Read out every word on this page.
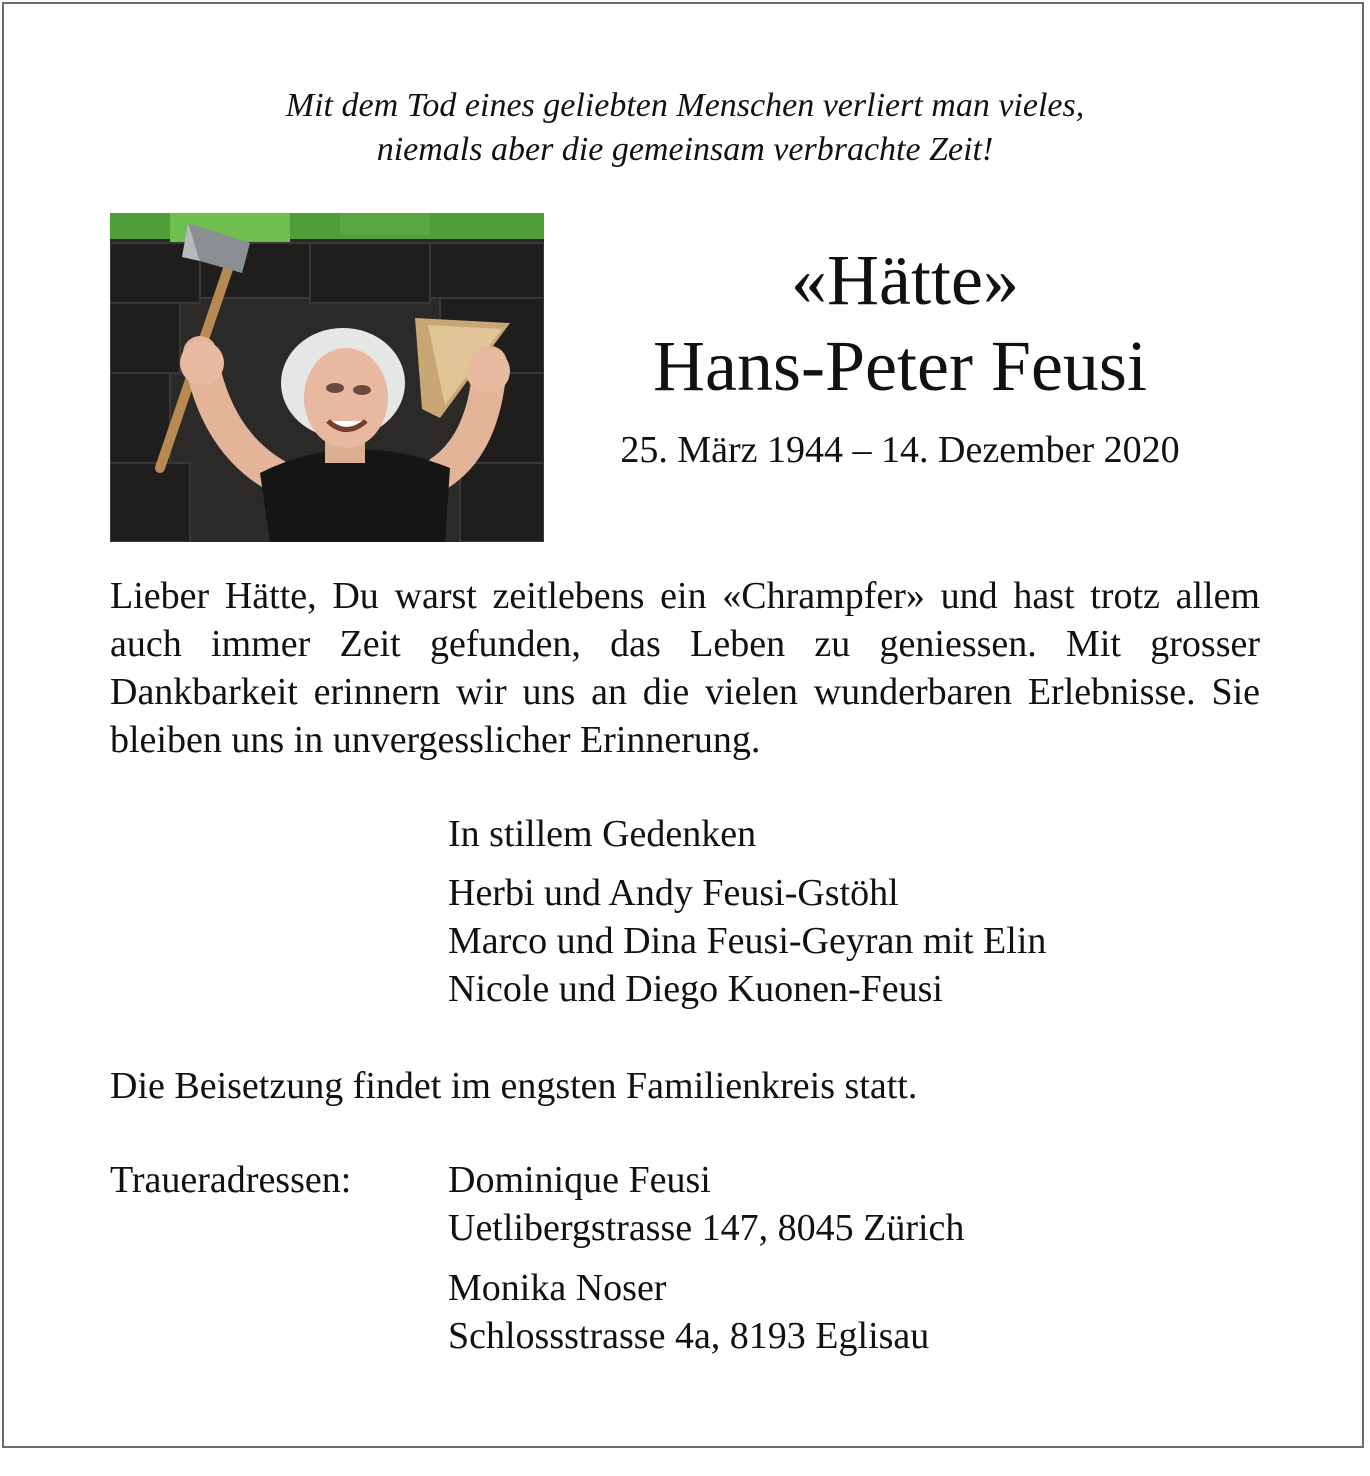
Mit dem Tod eines geliebten Menschen verliert man vieles,
niemals aber die gemeinsam verbrachte Zeit!
«Hätte»
Hans-Peter Feusi
25. März 1944 – 14. Dezember 2020
Lieber Hätte, Du warst zeitlebens ein «Chrampfer» und hast trotz allem auch immer Zeit gefunden, das Leben zu geniessen. Mit grosser Dankbarkeit erinnern wir uns an die vielen wunderbaren Erlebnisse. Sie bleiben uns in unvergesslicher Erinnerung.
In stillem Gedenken
Herbi und Andy Feusi-Gstöhl
Marco und Dina Feusi-Geyran mit Elin
Nicole und Diego Kuonen-Feusi
Die Beisetzung findet im engsten Familienkreis statt.
Traueradressen:	Dominique Feusi
Uetlibergstrasse 147, 8045 Zürich
Monika Noser
Schlossstrasse 4a, 8193 Eglisau
